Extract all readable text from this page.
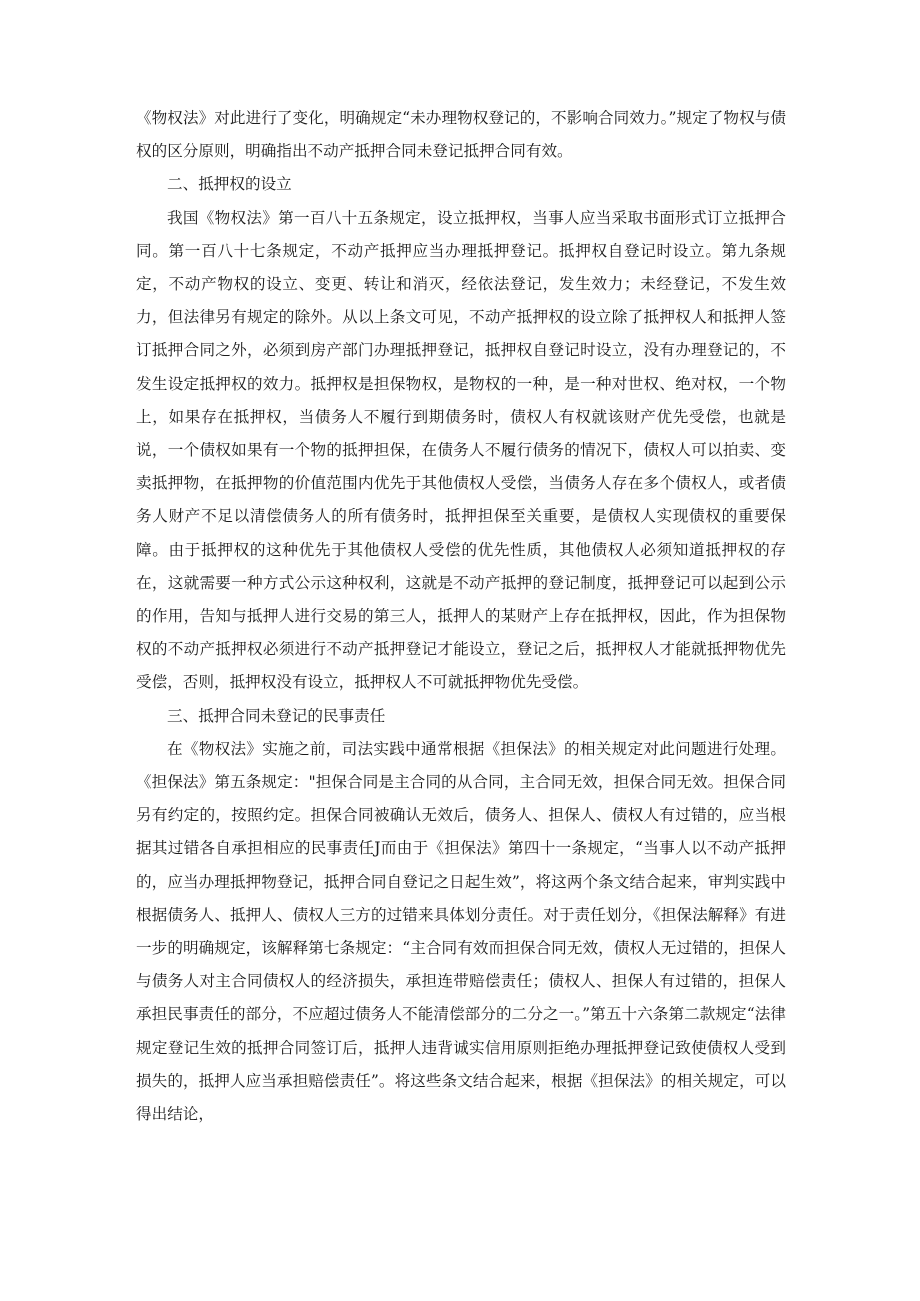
《物权法》对此进行了变化，明确规定“未办理物权登记的，不影响合同效力。”规定了物权与债权的区分原则，明确指出不动产抵押合同未登记抵押合同有效。

二、抵押权的设立

我国《物权法》第一百八十五条规定，设立抵押权，当事人应当采取书面形式订立抵押合同。第一百八十七条规定，不动产抵押应当办理抵押登记。抵押权自登记时设立。第九条规定，不动产物权的设立、变更、转让和消灭，经依法登记，发生效力；未经登记，不发生效力，但法律另有规定的除外。从以上条文可见，不动产抵押权的设立除了抵押权人和抵押人签订抵押合同之外，必须到房产部门办理抵押登记，抵押权自登记时设立，没有办理登记的，不发生设定抵押权的效力。抵押权是担保物权，是物权的一种，是一种对世权、绝对权，一个物上，如果存在抵押权，当债务人不履行到期债务时，债权人有权就该财产优先受偿，也就是说，一个债权如果有一个物的抵押担保，在债务人不履行债务的情况下，债权人可以拍卖、变卖抵押物，在抵押物的价值范围内优先于其他债权人受偿，当债务人存在多个债权人，或者债务人财产不足以清偿债务人的所有债务时，抵押担保至关重要，是债权人实现债权的重要保障。由于抵押权的这种优先于其他债权人受偿的优先性质，其他债权人必须知道抵押权的存在，这就需要一种方式公示这种权利，这就是不动产抵押的登记制度，抵押登记可以起到公示的作用，告知与抵押人进行交易的第三人，抵押人的某财产上存在抵押权，因此，作为担保物权的不动产抵押权必须进行不动产抵押登记才能设立，登记之后，抵押权人才能就抵押物优先受偿，否则，抵押权没有设立，抵押权人不可就抵押物优先受偿。

三、抵押合同未登记的民事责任

在《物权法》实施之前，司法实践中通常根据《担保法》的相关规定对此问题进行处理。《担保法》第五条规定："担保合同是主合同的从合同，主合同无效，担保合同无效。担保合同另有约定的，按照约定。担保合同被确认无效后，债务人、担保人、债权人有过错的，应当根据其过错各自承担相应的民事责任J而由于《担保法》第四十一条规定，“当事人以不动产抵押的，应当办理抵押物登记，抵押合同自登记之日起生效”，将这两个条文结合起来，审判实践中根据债务人、抵押人、债权人三方的过错来具体划分责任。对于责任划分，《担保法解释》有进一步的明确规定，该解释第七条规定：“主合同有效而担保合同无效，债权人无过错的，担保人与债务人对主合同债权人的经济损失，承担连带赔偿责任；债权人、担保人有过错的，担保人承担民事责任的部分，不应超过债务人不能清偿部分的二分之一。”第五十六条第二款规定“法律规定登记生效的抵押合同签订后，抵押人违背诚实信用原则拒绝办理抵押登记致使债权人受到损失的，抵押人应当承担赔偿责任”。将这些条文结合起来，根据《担保法》的相关规定，可以得出结论，
